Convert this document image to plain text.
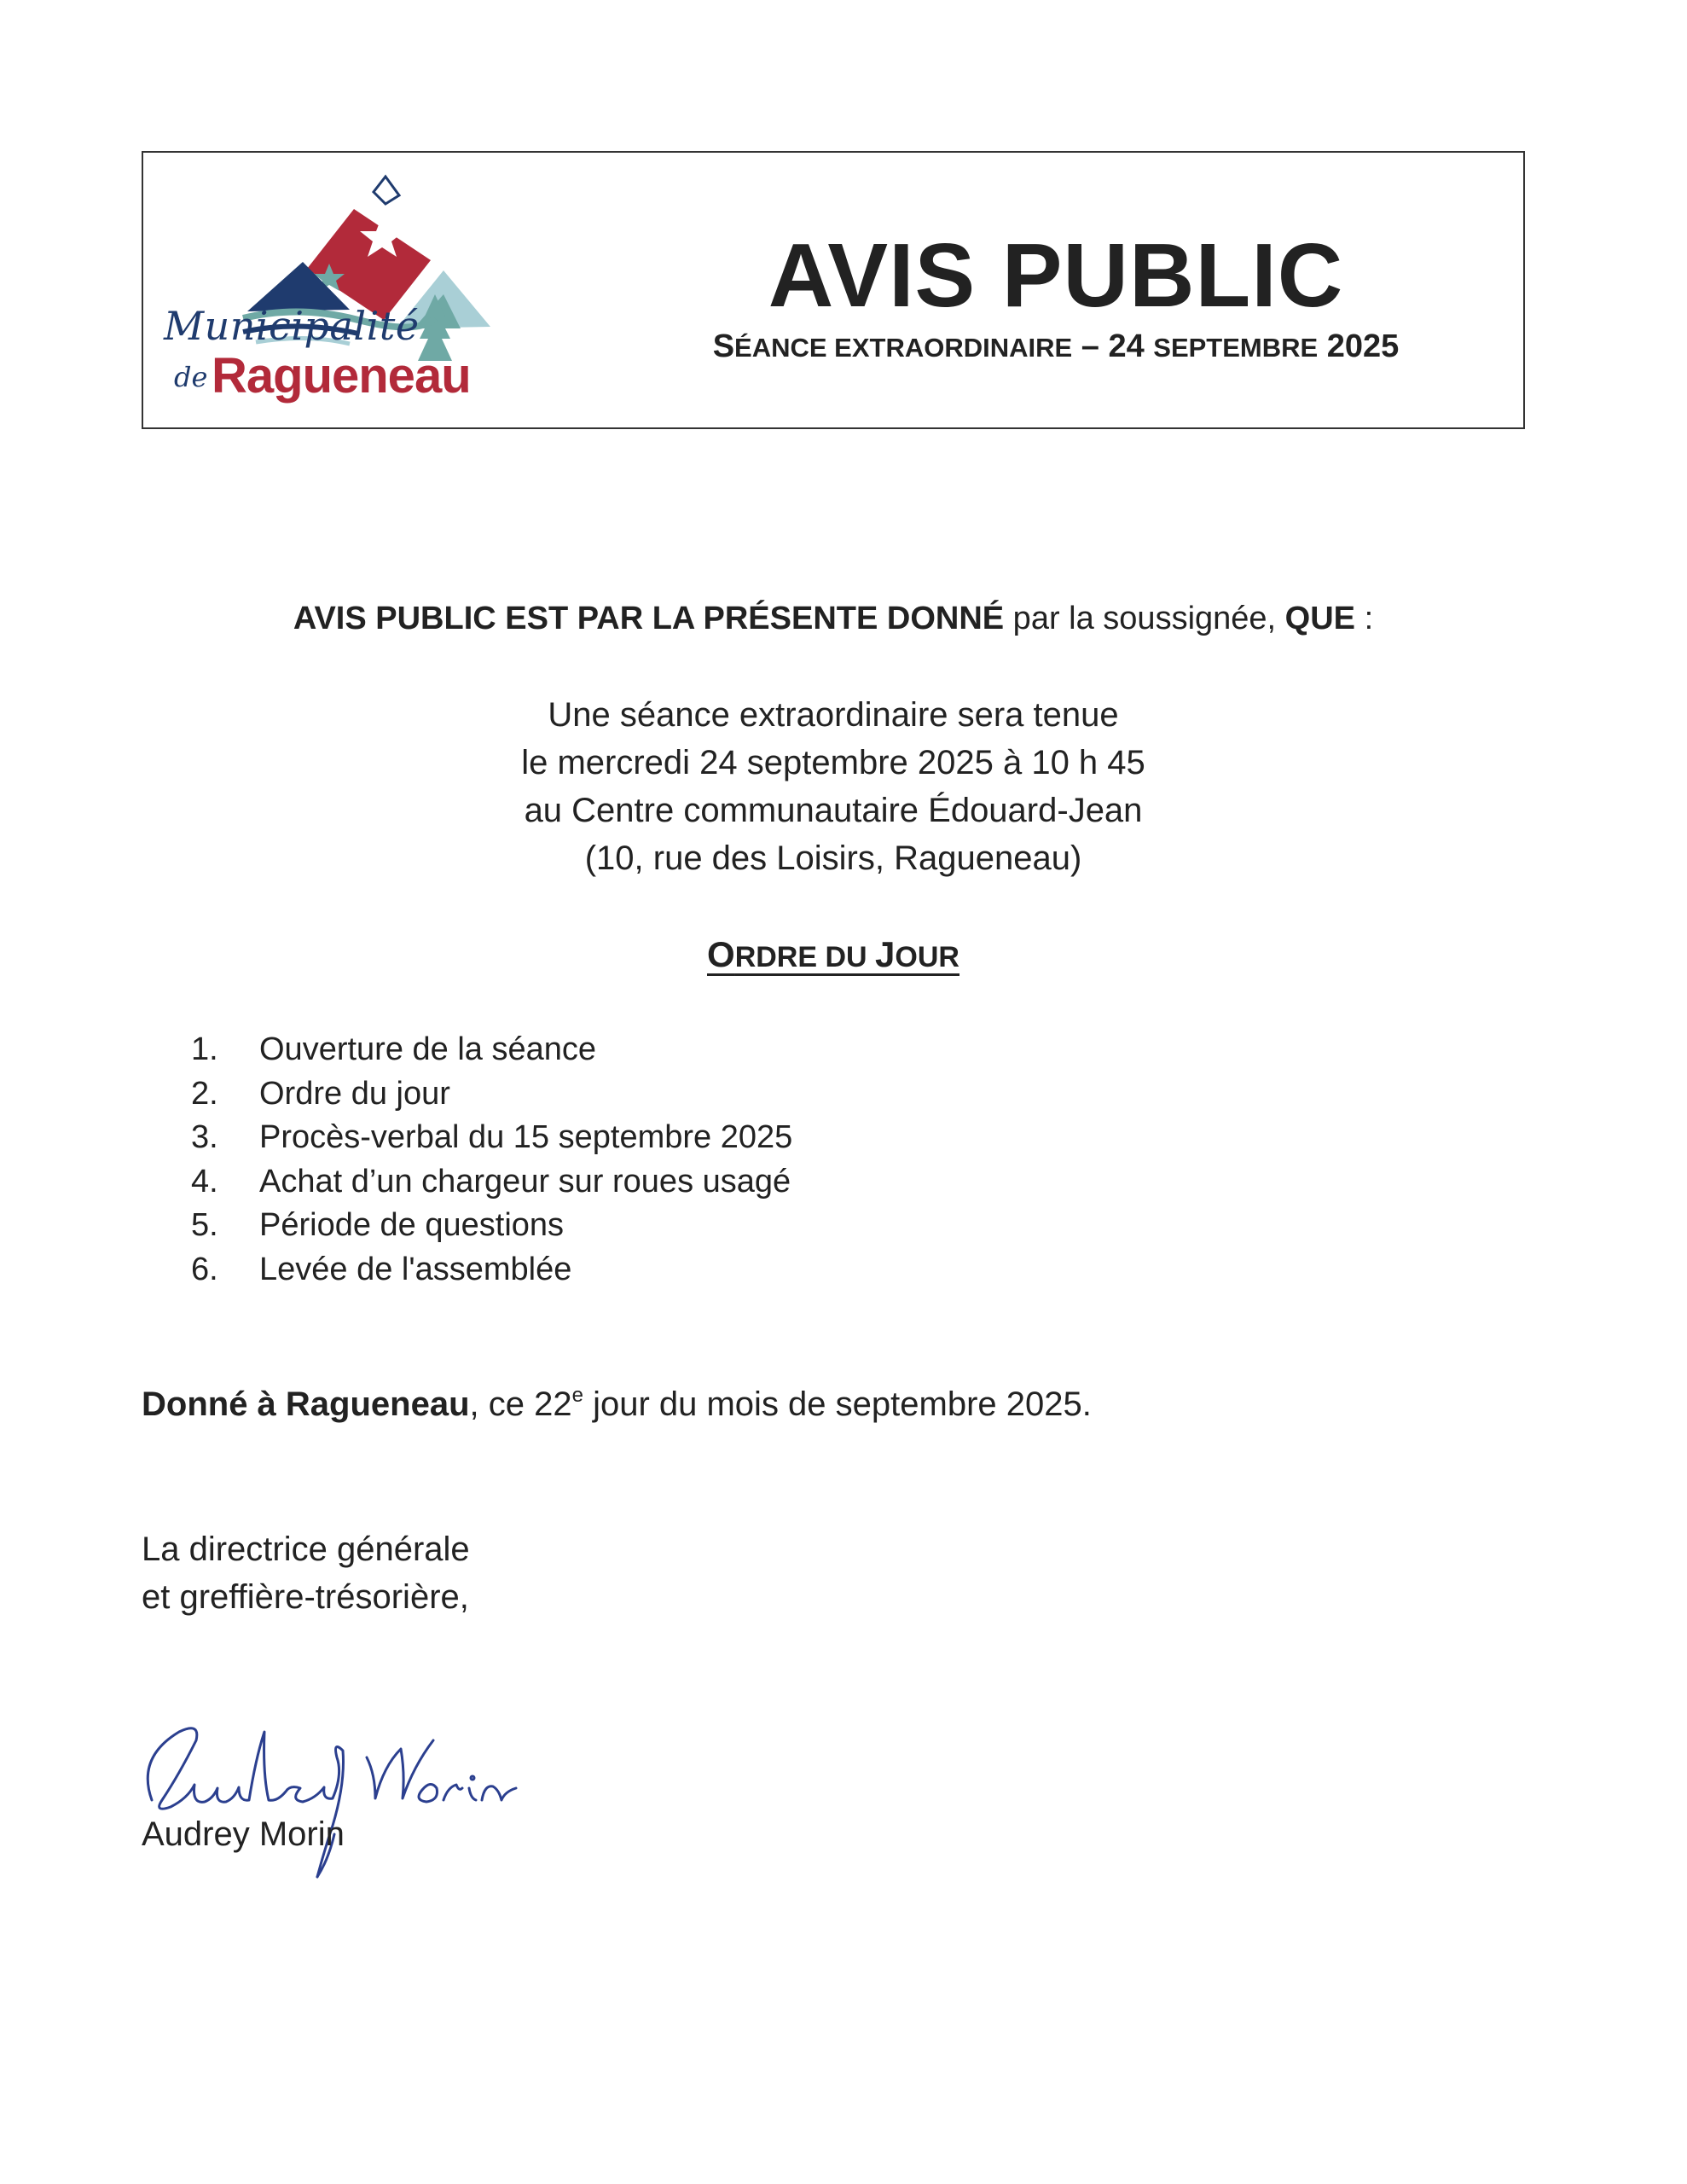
Municipalité
de Ragueneau
AVIS PUBLIC
SÉANCE EXTRAORDINAIRE – 24 SEPTEMBRE 2025
AVIS PUBLIC EST PAR LA PRÉSENTE DONNÉ par la soussignée, QUE :
Une séance extraordinaire sera tenue
le mercredi 24 septembre 2025 à 10 h 45
au Centre communautaire Édouard-Jean
(10, rue des Loisirs, Ragueneau)
ORDRE DU JOUR
1.	Ouverture de la séance
2.	Ordre du jour
3.	Procès-verbal du 15 septembre 2025
4.	Achat d’un chargeur sur roues usagé
5.	Période de questions
6.	Levée de l'assemblée
Donné à Ragueneau, ce 22e jour du mois de septembre 2025.
La directrice générale
et greffière-trésorière,
Audrey Morin
